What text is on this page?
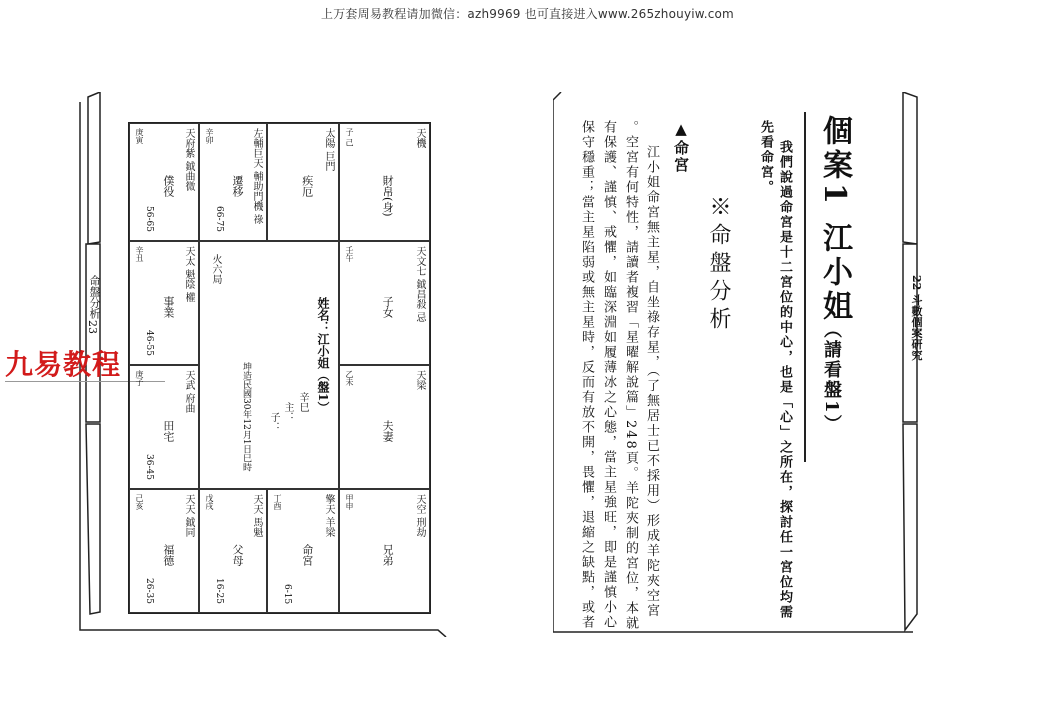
上万套周易教程请加微信：azh9969 也可直接进入www.265zhouyiw.com
命盤分析
23
九易教程
天府紫 鉞曲微
庚寅
僕役
56-65	左輔巨天 輔助門機 祿
辛卯
遷移
66-75
太陽 巨門
疾厄
天機
子 己
財帛(身)
天太 魁陰 權
辛丑
事業
46-55
天文七 鉞昌殺 忌
壬午
子女
天武 府曲
庚子
田宅
36-45
天梁
乙未
夫妻
姓名：江小姐（盤1）
火六局
辛巳
主：
子：
坤造民國30年12月1日巳時
天天 鉞同
己亥
福德
26-35
天天 馬魁
戊戌
父母
16-25
擎天 羊梁
丁酉
命宮
6-15
天空 刑劫
甲申
兄弟
22 斗數個案研究
個案1 江小姐
（請看盤1）
我們說過命宮是十二宮位的中心，也是「心」之所在，探討任一宮位均需
先看命宮。
※命盤分析
▲命宮
江小姐命宮無主星，自坐祿存星，（了無居士已不採用）形成羊陀夾空宮
。空宮有何特性，請讀者複習「星曜解說篇」248頁。羊陀夾制的宮位，本就
有保護、謹慎、戒懼，如臨深淵如履薄冰之心態，當主星強旺，即是謹慎小心
保守穩重；當主星陷弱或無主星時，反而有放不開，畏懼，退縮之缺點，或者
